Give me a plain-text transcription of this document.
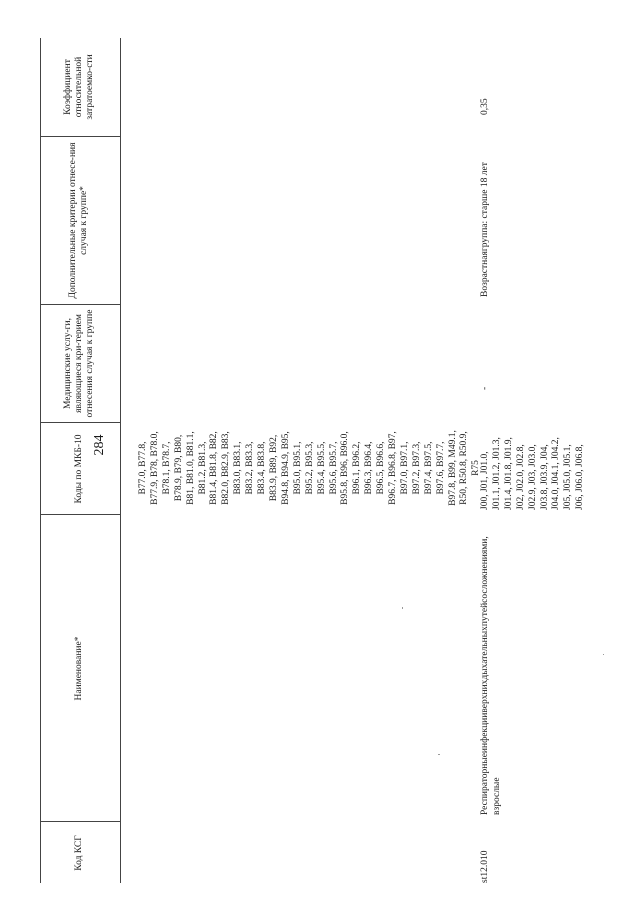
284
Код КСГ
Наименование*
Коды по МКБ-10
Медицинские услу-ги, являющиеся кри-терием отнесения случая к группе
Дополнительные критерии отнесе-ния случая к группе*
Коэффициент относительной затратоемко-сти
B77.0, B77.8, B77.9, B78, B78.0, B78.1, B78.7, B78.9, B79, B80, B81, B81.0, B81.1, B81.2, B81.3, B81.4, B81.8, B82, B82.0, B82.9, B83, B83.0, B83.1, B83.2, B83.3, B83.4, B83.8, B83.9, B89, B92, B94.8, B94.9, B95, B95.0, B95.1, B95.2, B95.3, B95.4, B95.5, B95.6, B95.7, B95.8, B96, B96.0, B96.1, B96.2, B96.3, B96.4, B96.5, B96.6, B96.7, B96.8, B97, B97.0, B97.1, B97.2, B97.3, B97.4, B97.5, B97.6, B97.7, B97.8, B99, M49.1, R50, R50.8, R50.9, R75
st12.010
Респираторныеинфекцииверхнихдыхательныхпутейсосложнениями, взрослые
J00, J01, J01.0, J01.1, J01.2, J01.3, J01.4, J01.8, J01.9, J02, J02.0, J02.8, J02.9, J03, J03.0, J03.8, J03.9, J04, J04.0, J04.1, J04.2, J05, J05.0, J05.1, J06, J06.0, J06.8,
-
Возрастнаягруппа: старше 18 лет
0,35
